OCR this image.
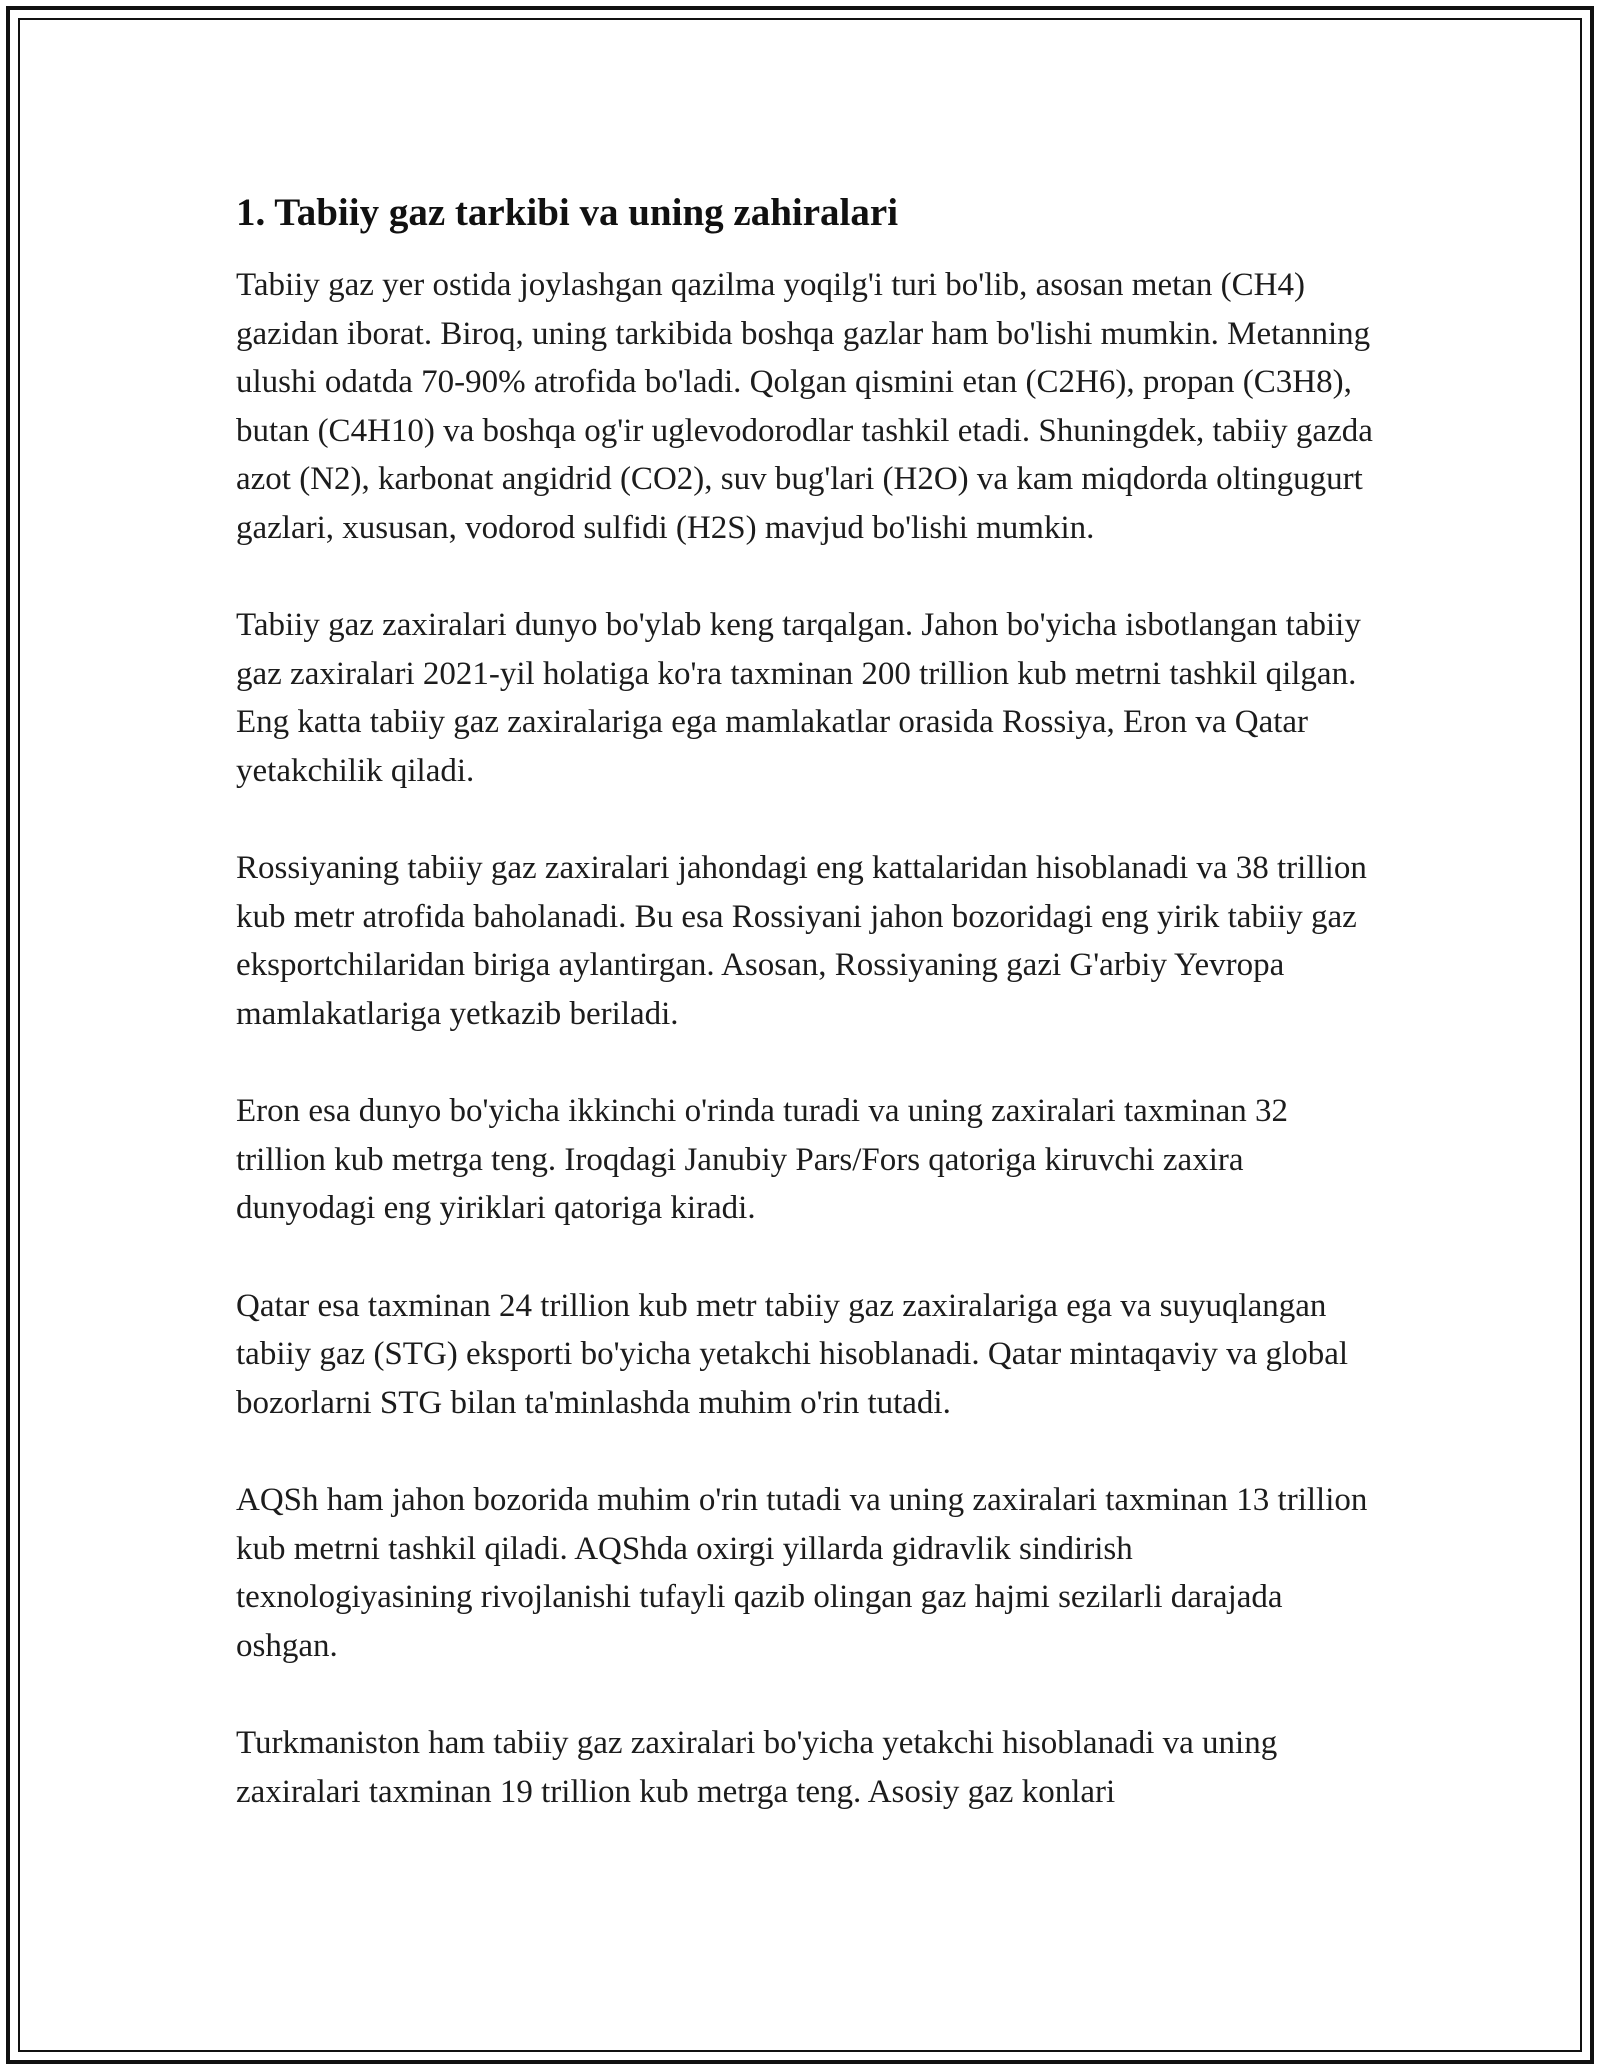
1. Tabiiy gaz tarkibi va uning zahiralari

Tabiiy gaz yer ostida joylashgan qazilma yoqilg'i turi bo'lib, asosan metan (CH4) gazidan iborat. Biroq, uning tarkibida boshqa gazlar ham bo'lishi mumkin. Metanning ulushi odatda 70-90% atrofida bo'ladi. Qolgan qismini etan (C2H6), propan (C3H8), butan (C4H10) va boshqa og'ir uglevodorodlar tashkil etadi. Shuningdek, tabiiy gazda azot (N2), karbonat angidrid (CO2), suv bug'lari (H2O) va kam miqdorda oltingugurt gazlari, xususan, vodorod sulfidi (H2S) mavjud bo'lishi mumkin.

Tabiiy gaz zaxiralari dunyo bo'ylab keng tarqalgan. Jahon bo'yicha isbotlangan tabiiy gaz zaxiralari 2021-yil holatiga ko'ra taxminan 200 trillion kub metrni tashkil qilgan. Eng katta tabiiy gaz zaxiralariga ega mamlakatlar orasida Rossiya, Eron va Qatar yetakchilik qiladi.

Rossiyaning tabiiy gaz zaxiralari jahondagi eng kattalaridan hisoblanadi va 38 trillion kub metr atrofida baholanadi. Bu esa Rossiyani jahon bozoridagi eng yirik tabiiy gaz eksportchilaridan biriga aylantirgan. Asosan, Rossiyaning gazi G'arbiy Yevropa mamlakatlariga yetkazib beriladi.

Eron esa dunyo bo'yicha ikkinchi o'rinda turadi va uning zaxiralari taxminan 32 trillion kub metrga teng. Iroqdagi Janubiy Pars/Fors qatoriga kiruvchi zaxira dunyodagi eng yiriklari qatoriga kiradi.

Qatar esa taxminan 24 trillion kub metr tabiiy gaz zaxiralariga ega va suyuqlangan tabiiy gaz (STG) eksporti bo'yicha yetakchi hisoblanadi. Qatar mintaqaviy va global bozorlarni STG bilan ta'minlashda muhim o'rin tutadi.

AQSh ham jahon bozorida muhim o'rin tutadi va uning zaxiralari taxminan 13 trillion kub metrni tashkil qiladi. AQShda oxirgi yillarda gidravlik sindirish texnologiyasining rivojlanishi tufayli qazib olingan gaz hajmi sezilarli darajada oshgan.

Turkmaniston ham tabiiy gaz zaxiralari bo'yicha yetakchi hisoblanadi va uning zaxiralari taxminan 19 trillion kub metrga teng. Asosiy gaz konlari
